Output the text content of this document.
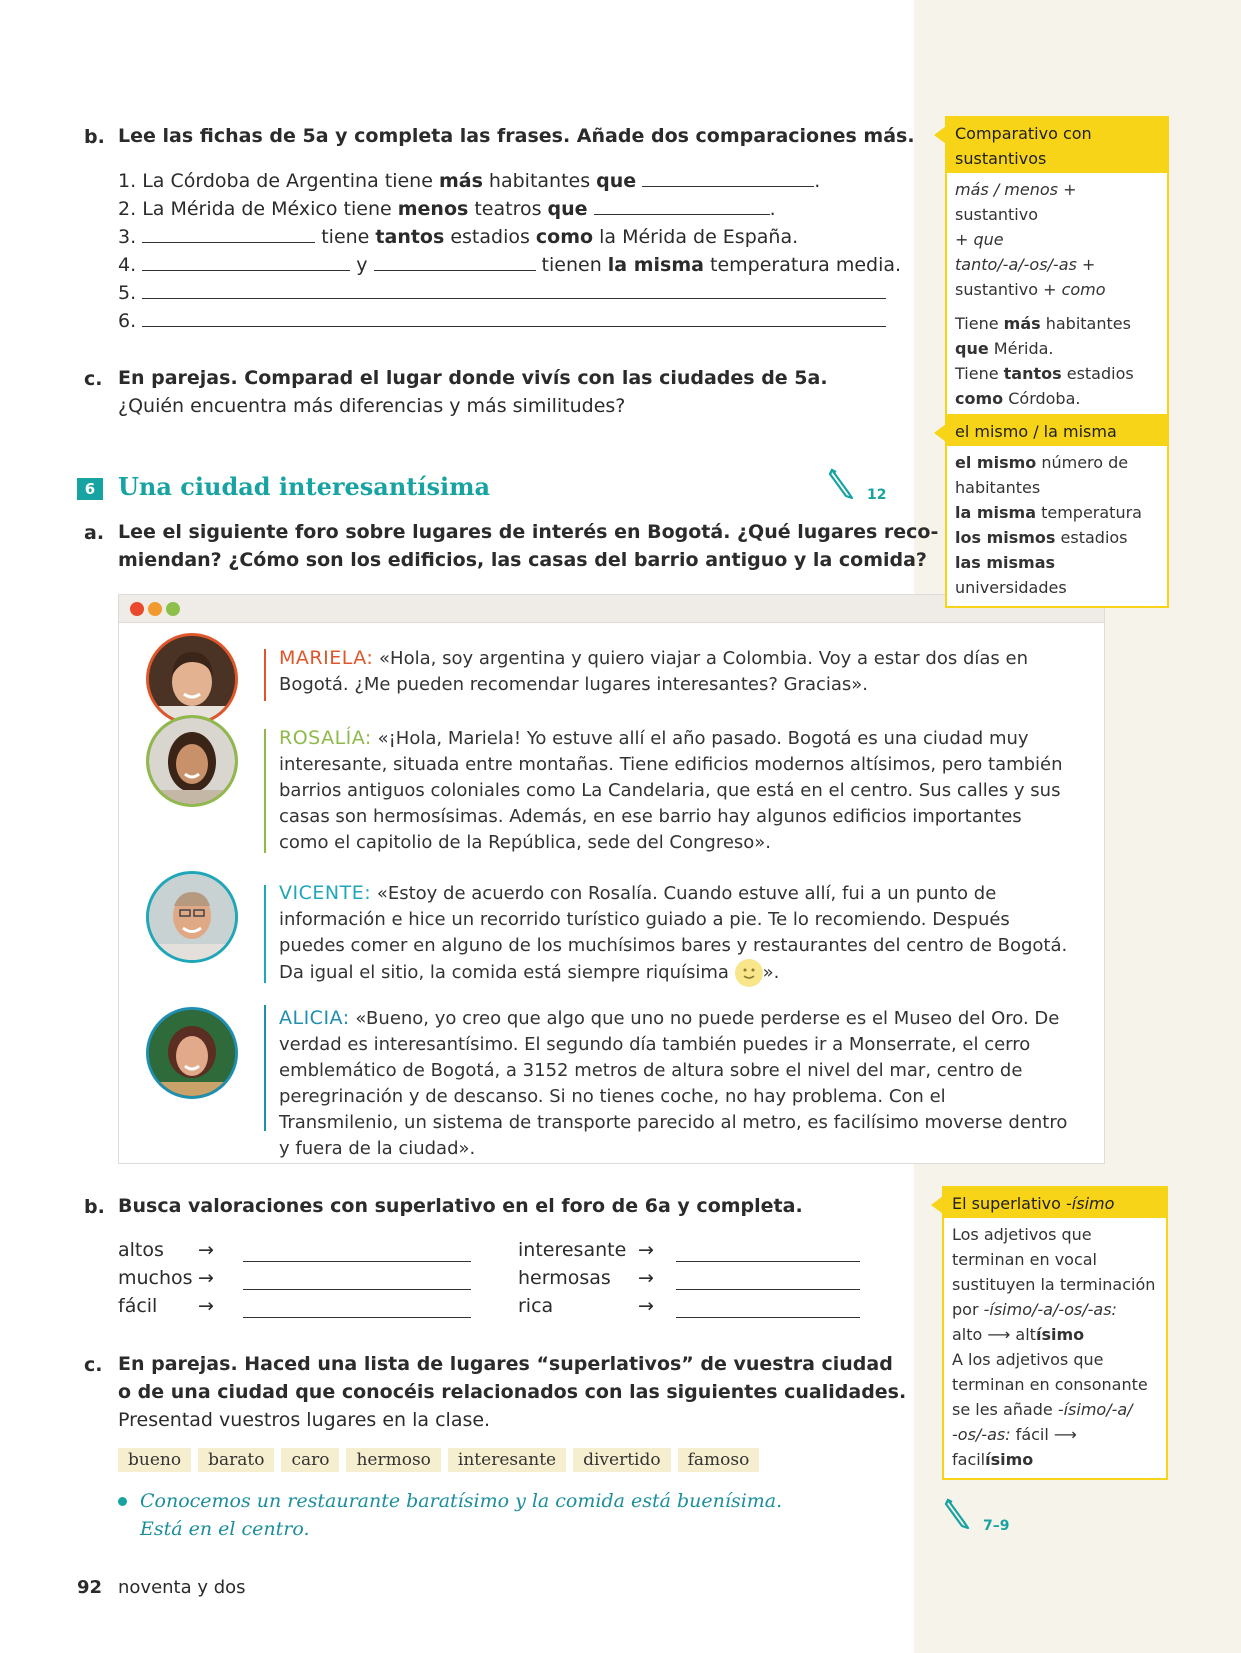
b. Lee las fichas de 5a y completa las frases. Añade dos comparaciones más.
1. La Córdoba de Argentina tiene más habitantes que	.
2. La Mérida de México tiene menos teatros que	.
3.	tiene tantos estadios como la Mérida de España.
4.	y	tienen la misma temperatura media.
5.
6.
c. En parejas. Comparad el lugar donde vivís con las ciudades de 5a.
¿Quién encuentra más diferencias y más similitudes?
6 Una ciudad interesantísima	12
a. Lee el siguiente foro sobre lugares de interés en Bogotá. ¿Qué lugares reco-
miendan? ¿Cómo son los edificios, las casas del barrio antiguo y la comida?
MARIELA: «Hola, soy argentina y quiero viajar a Colombia. Voy a estar dos días en Bogotá. ¿Me pueden recomendar lugares interesantes? Gracias».
ROSALÍA: «¡Hola, Mariela! Yo estuve allí el año pasado. Bogotá es una ciudad muy interesante, situada entre montañas. Tiene edificios modernos altísimos, pero también barrios antiguos coloniales como La Candelaria, que está en el centro. Sus calles y sus casas son hermosísimas. Además, en ese barrio hay algunos edificios importantes como el capitolio de la República, sede del Congreso».
VICENTE: «Estoy de acuerdo con Rosalía. Cuando estuve allí, fui a un punto de información e hice un recorrido turístico guiado a pie. Te lo recomiendo. Después puedes comer en alguno de los muchísimos bares y restaurantes del centro de Bogotá. Da igual el sitio, la comida está siempre riquísima ».
ALICIA: «Bueno, yo creo que algo que uno no puede perderse es el Museo del Oro. De verdad es interesantísimo. El segundo día también puedes ir a Monserrate, el cerro emblemático de Bogotá, a 3152 metros de altura sobre el nivel del mar, centro de peregrinación y de descanso. Si no tienes coche, no hay problema. Con el Transmilenio, un sistema de transporte parecido al metro, es facilísimo moverse dentro y fuera de la ciudad».
b. Busca valoraciones con superlativo en el foro de 6a y completa.
altos →
muchos →
fácil →
interesante →
hermosas →
rica	→
c. En parejas. Haced una lista de lugares “superlativos” de vuestra ciudad
o de una ciudad que conocéis relacionados con las siguientes cualidades.
Presentad vuestros lugares en la clase.
bueno barato caro hermoso interesante divertido famoso
Conocemos un restaurante baratísimo y la comida está buenísima.
Está en el centro.
Comparativo con sustantivos
más / menos + sustantivo
+ que
tanto/-a/-os/-as +
sustantivo + como
Tiene más habitantes
que Mérida.
Tiene tantos estadios
como Córdoba.
el mismo / la misma
el mismo número de
habitantes
la misma temperatura
los mismos estadios
las mismas universidades
El superlativo -ísimo
Los adjetivos que
terminan en vocal
sustituyen la terminación
por -ísimo/-a/-os/-as:
alto ⟶ altísimo
A los adjetivos que
terminan en consonante
se les añade -ísimo/-a/
-os/-as: fácil ⟶ facilísimo
7–9
92 noventa y dos
